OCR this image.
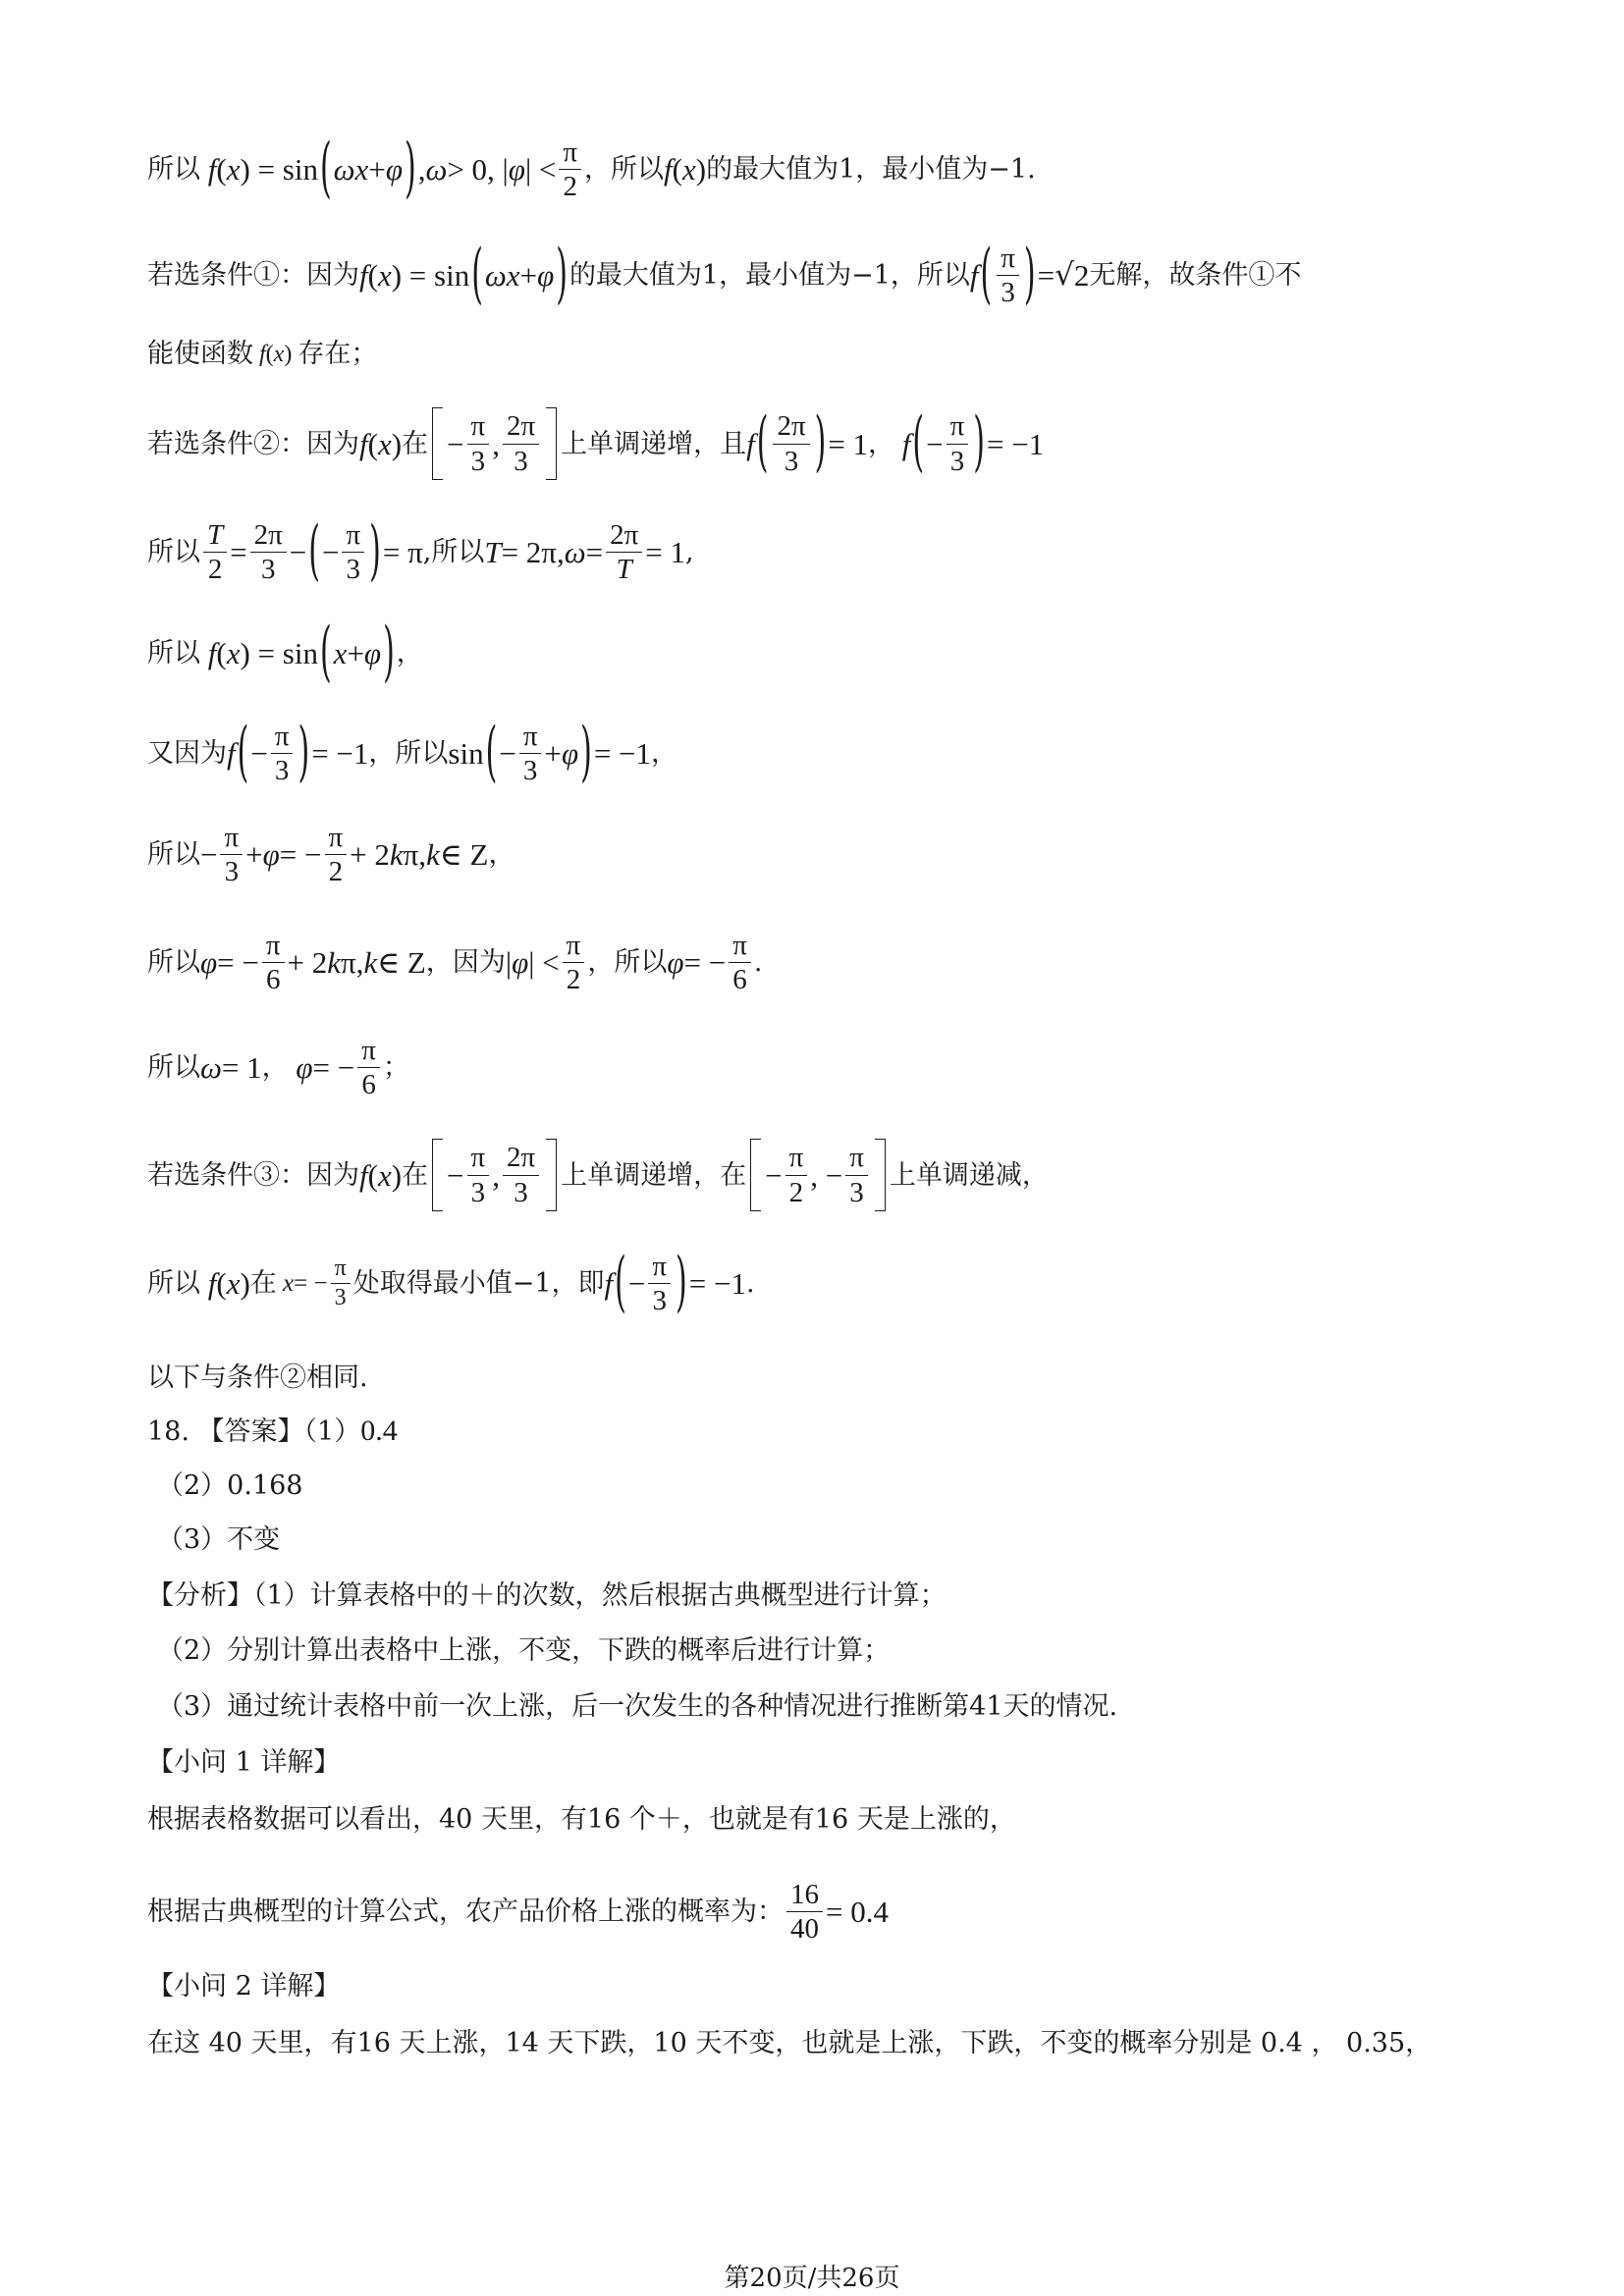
所以
f ( x ) = sin ( ωx + φ ) , ω > 0, | φ | < $\frac{\pi}{2}$ ，所以 f ( x ) 的最大值为1，最小值为−1.
若选条件①：因为 f ( x ) = sin ( ωx + φ ) 的最大值为1，最小值为−1，所以 f ( $\frac{\pi}{3}$ ) = √ 2 无解，故条件①不
能使函数
f ( x ) 存在；
若选条件②：因为 f ( x ) 在 − $\frac{\pi}{3}$ , $\frac{2\pi}{3}$ 上单调递增，且 f ( $\frac{2\pi}{3}$ ) = 1 ，
f ( − $\frac{\pi}{3}$ ) = −1
所以 $\frac{T}{2} = \frac{2\pi}{3}$ − ( − $\frac{\pi}{3}$ ) = π ,所以 T = 2π, $\omega = \frac{2\pi}{T} = 1$ ,
所以
f ( x ) = sin ( x + φ ) ，
又因为 f ( − $\frac{\pi}{3}$ ) = −1 ，所以 sin ( − $\frac{\pi}{3} + \varphi$ ) = −1 ，
所以 − $\frac{\pi}{3} + \varphi$ = − $\frac{\pi}{2} + 2$ k π, k ∈ Z ，
所以 φ = − $\frac{\pi}{6} + 2$ k π, k ∈ Z ，因为 | φ | < $\frac{\pi}{2}$ ，所以 φ = − $\frac{\pi}{6}$ .
所以 ω = 1 ，
φ = − $\frac{\pi}{6}$ ；
若选条件③：因为 f ( x ) 在 − $\frac{\pi}{3}$ , $\frac{2\pi}{3}$ 上单调递增，在 − $\frac{\pi}{2}$ , − $\frac{\pi}{3}$ 上单调递减，
所以
f ( x ) 在
x = − $\frac{\pi}{3}$ 处取得最小值−1，即 f ( − $\frac{\pi}{3}$ ) = −1 .
以下与条件②相同.
18. 【答案】（1） 0.4
（2）0.168
（3）不变
【分析】（1）计算表格中的＋的次数，然后根据古典概型进行计算；
（2）分别计算出表格中上涨，不变，下跌的概率后进行计算；
（3）通过统计表格中前一次上涨，后一次发生的各种情况进行推断第41天的情况.
【小问 1 详解】
根据表格数据可以看出，40 天里，有16 个＋，也就是有16 天是上涨的，
根据古典概型的计算公式，农产品价格上涨的概率为： $\frac{16}{40} = 0.4$
【小问 2 详解】
在这 40 天里，有16 天上涨，14 天下跌，10 天不变，也就是上涨，下跌，不变的概率分别是 0.4 ， 0.35，
第20页/共26页
